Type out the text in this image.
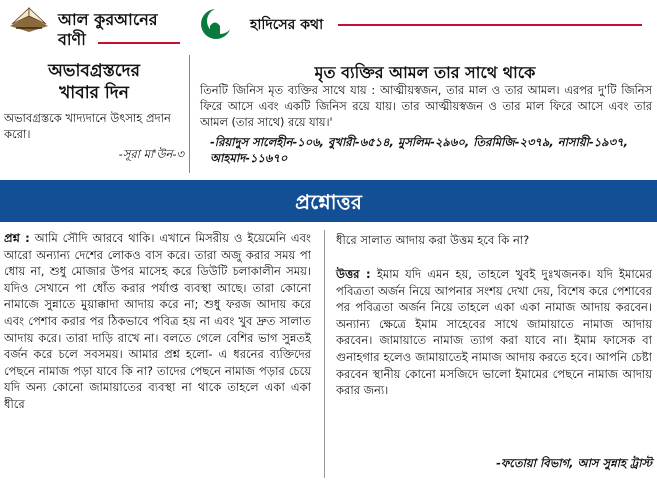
আল কুরআনের
বাণী
হাদিসের কথা
অভাবগ্রস্তদের
খাবার দিন
অভাবগ্রস্তকে খাদ্যদানে উৎসাহ প্রদান করো।
-সূরা মা'উন-৩
মৃত ব্যক্তির আমল তার সাথে থাকে
তিনটি জিনিস মৃত ব্যক্তির সাথে যায় : আত্মীয়স্বজন, তার মাল ও তার আমল। এরপর দু'টি জিনিস ফিরে আসে এবং একটি জিনিস রয়ে যায়। তার আত্মীয়স্বজন ও তার মাল ফিরে আসে এবং তার আমল (তার সাথে) রয়ে যায়।'
-রিয়াদুস সালেহীন-১০৬, বুখারী-৬৫১৪, মুসলিম-২৯৬০, তিরমিজি-২৩৭৯, নাসায়ী-১৯৩৭, আহমাদ-১১৬৭০
প্রশ্নোত্তর
প্রশ্ন : আমি সৌদি আরবে থাকি। এখানে মিসরীয় ও ইয়েমেনি এবং আরো অন্যান্য দেশের লোকও বাস করে। তারা অজু করার সময় পা ধোয় না, শুধু মোজার উপর মাসেহ করে ডিউটি চলাকালীন সময়। যদিও সেখানে পা ধোঁত করার পর্যাপ্ত ব্যবস্থা আছে। তারা কোনো নামাজে সুন্নাতে মুয়াক্কাদা আদায় করে না; শুধু ফরজ আদায় করে এবং পেশাব করার পর ঠিকভাবে পবিত্র হয় না এবং খুব দ্রুত সালাত আদায় করে। তারা দাড়ি রাখে না। বলতে গেলে বেশির ভাগ সুন্নতই বর্জন করে চলে সবসময়। আমার প্রশ্ন হলো- এ ধরনের ব্যক্তিদের পেছনে নামাজ পড়া যাবে কি না? তাদের পেছনে নামাজ পড়ার চেয়ে যদি অন্য কোনো জামায়াতের ব্যবস্থা না থাকে তাহলে একা একা ধীরে
ধীরে সালাত আদায় করা উত্তম হবে কি না?
উত্তর : ইমাম যদি এমন হয়, তাহলে খুবই দুঃখজনক। যদি ইমামের পবিত্রতা অর্জন নিয়ে আপনার সংশয় দেখা দেয়, বিশেষ করে পেশাবের পর পবিত্রতা অর্জন নিয়ে তাহলে একা একা নামাজ আদায় করবেন। অন্যান্য ক্ষেত্রে ইমাম সাহেবের সাথে জামায়াতে নামাজ আদায় করবেন। জামায়াতে নামাজ ত্যাগ করা যাবে না। ইমাম ফাসেক বা গুনাহগার হলেও জামায়াতেই নামাজ আদায় করতে হবে। আপনি চেষ্টা করবেন স্থানীয় কোনো মসজিদে ভালো ইমামের পেছনে নামাজ আদায় করার জন্য।
-ফতোয়া বিভাগ, আস সুন্নাহ ট্রাস্ট
